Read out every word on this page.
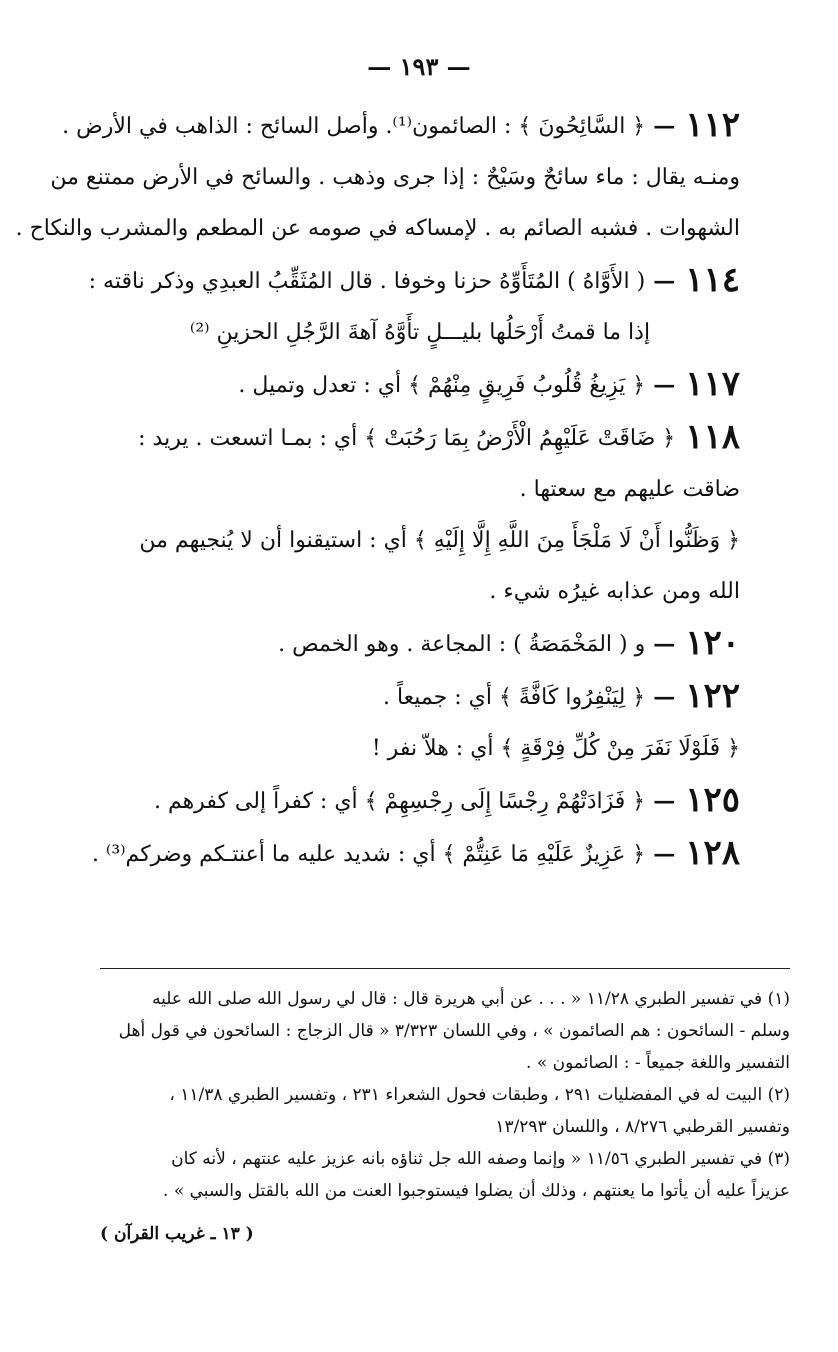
— ١٩٣ —
١١٢—﴿ السَّائِحُونَ ﴾ : الصائمون⁽¹⁾. وأصل السائح : الذاهب في الأرض .
ومنـه يقال : ماء سائحٌ وسَيْحٌ : إذا جرى وذهب . والسائح في الأرض ممتنع من
الشهوات . فشبه الصائم به . لإمساكه في صومه عن المطعم والمشرب والنكاح .
١١٤—( الأَوَّاهُ ) المُتَأَوِّهُ حزنا وخوفا . قال المُثَقِّبُ العبدِي وذكر ناقته :
إذا ما قمتُ أَرْحَلُها بليـــلٍ تأَوَّهُ آهةَ الرَّجُلِ الحزينِ ⁽²⁾
١١٧—﴿ يَزِيغُ قُلُوبُ فَرِيقٍ مِنْهُمْ ﴾ أي : تعدل وتميل .
١١٨﴿ ضَاقَتْ عَلَيْهِمُ الْأَرْضُ بِمَا رَحُبَتْ ﴾ أي : بمـا اتسعت . يريد :
ضاقت عليهم مع سعتها .
﴿ وَظَنُّوا أَنْ لَا مَلْجَأَ مِنَ اللَّهِ إِلَّا إِلَيْهِ ﴾ أي : استيقنوا أن لا يُنجيهم من
الله ومن عذابه غيرُه شيء .
١٢٠—و ( المَخْمَصَةُ ) : المجاعة . وهو الخمص .
١٢٢—﴿ لِيَنْفِرُوا كَافَّةً ﴾ أي : جميعاً .
﴿ فَلَوْلَا نَفَرَ مِنْ كُلِّ فِرْقَةٍ ﴾ أي : هلاّ نفر !
١٢٥—﴿ فَزَادَتْهُمْ رِجْسًا إِلَى رِجْسِهِمْ ﴾ أي : كفراً إلى كفرهم .
١٢٨—﴿ عَزِيزٌ عَلَيْهِ مَا عَنِتُّمْ ﴾ أي : شديد عليه ما أعنتـكم وضركم⁽³⁾ .
(١) في تفسير الطبري ١١/٢٨ « . . . عن أبي هريرة قال : قال لي رسول الله صلى الله عليه
وسلم - السائحون : هم الصائمون » ، وفي اللسان ٣/٣٢٣ « قال الزجاج : السائحون في قول أهل
التفسير واللغة جميعاً - : الصائمون » .
(٢) البيت له في المفضليات ٢٩١ ، وطبقات فحول الشعراء ٢٣١ ، وتفسير الطبري ١١/٣٨ ،
وتفسير القرطبي ٨/٢٧٦ ، واللسان ١٣/٢٩٣
(٣) في تفسير الطبري ١١/٥٦ « وإنما وصفه الله جل ثناؤه بانه عزيز عليه عنتهم ، لأنه كان
عزيزاً عليه أن يأتوا ما يعنتهم ، وذلك أن يضلوا فيستوجبوا العنت من الله بالقتل والسبي » .
( ١٣ ـ غريب القرآن )
